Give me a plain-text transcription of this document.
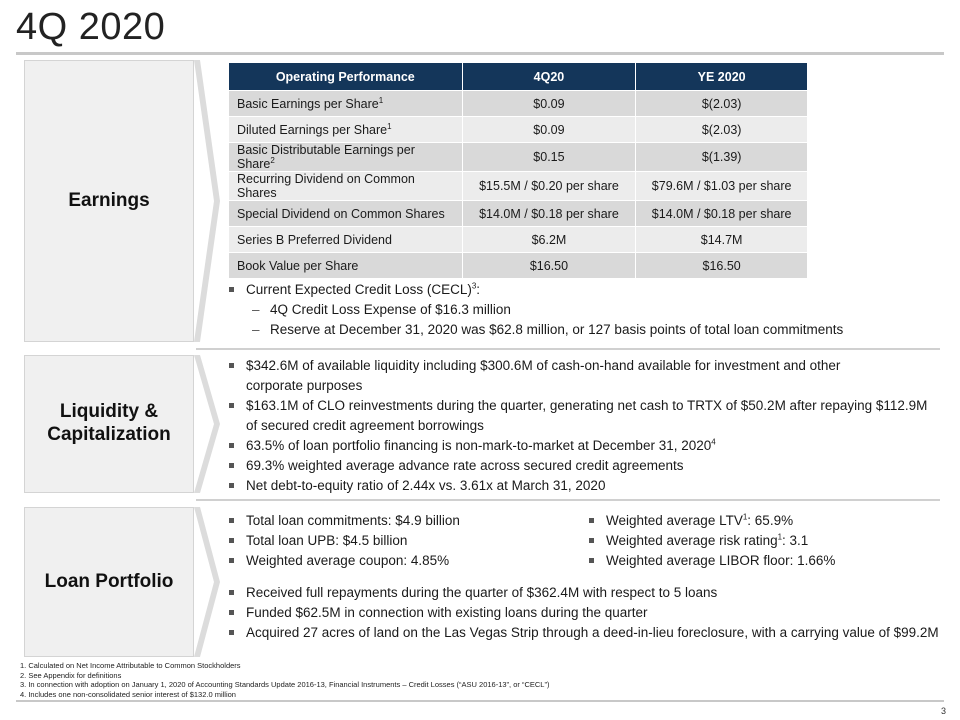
4Q 2020
Earnings
Operating Performance	4Q20	YE 2020
Basic Earnings per Share$^1$	$0.09	$(2.03)
Diluted Earnings per Share$^1$	$0.09	$(2.03)
Basic Distributable Earnings per Share$^2$	$0.15	$(1.39)
Recurring Dividend on Common Shares	$15.5M / $0.20 per share	$79.6M / $1.03 per share
Special Dividend on Common Shares	$14.0M / $0.18 per share	$14.0M / $0.18 per share
Series B Preferred Dividend	$6.2M	$14.7M
Book Value per Share	$16.50	$16.50
Current Expected Credit Loss (CECL)$^3$:
– 4Q Credit Loss Expense of $16.3 million
– Reserve at December 31, 2020 was $62.8 million, or 127 basis points of total loan commitments
Liquidity &
Capitalization
$342.6M of available liquidity including $300.6M of cash-on-hand available for investment and other
corporate purposes
$163.1M of CLO reinvestments during the quarter, generating net cash to TRTX of $50.2M after repaying $112.9M of secured credit agreement borrowings
63.5% of loan portfolio financing is non-mark-to-market at December 31, 2020$^4$
69.3% weighted average advance rate across secured credit agreements
Net debt-to-equity ratio of 2.44x vs. 3.61x at March 31, 2020
Loan Portfolio
Total loan commitments: $4.9 billion
Total loan UPB: $4.5 billion
Weighted average coupon: 4.85%
Weighted average LTV$^1$: 65.9%
Weighted average risk rating$^1$: 3.1
Weighted average LIBOR floor: 1.66%
Received full repayments during the quarter of $362.4M with respect to 5 loans
Funded $62.5M in connection with existing loans during the quarter
Acquired 27 acres of land on the Las Vegas Strip through a deed-in-lieu foreclosure, with a carrying value of $99.2M
1. Calculated on Net Income Attributable to Common Stockholders
2. See Appendix for definitions
3. In connection with adoption on January 1, 2020 of Accounting Standards Update 2016-13, Financial Instruments – Credit Losses (“ASU 2016-13”, or “CECL”)
4. Includes one non-consolidated senior interest of $132.0 million
3
